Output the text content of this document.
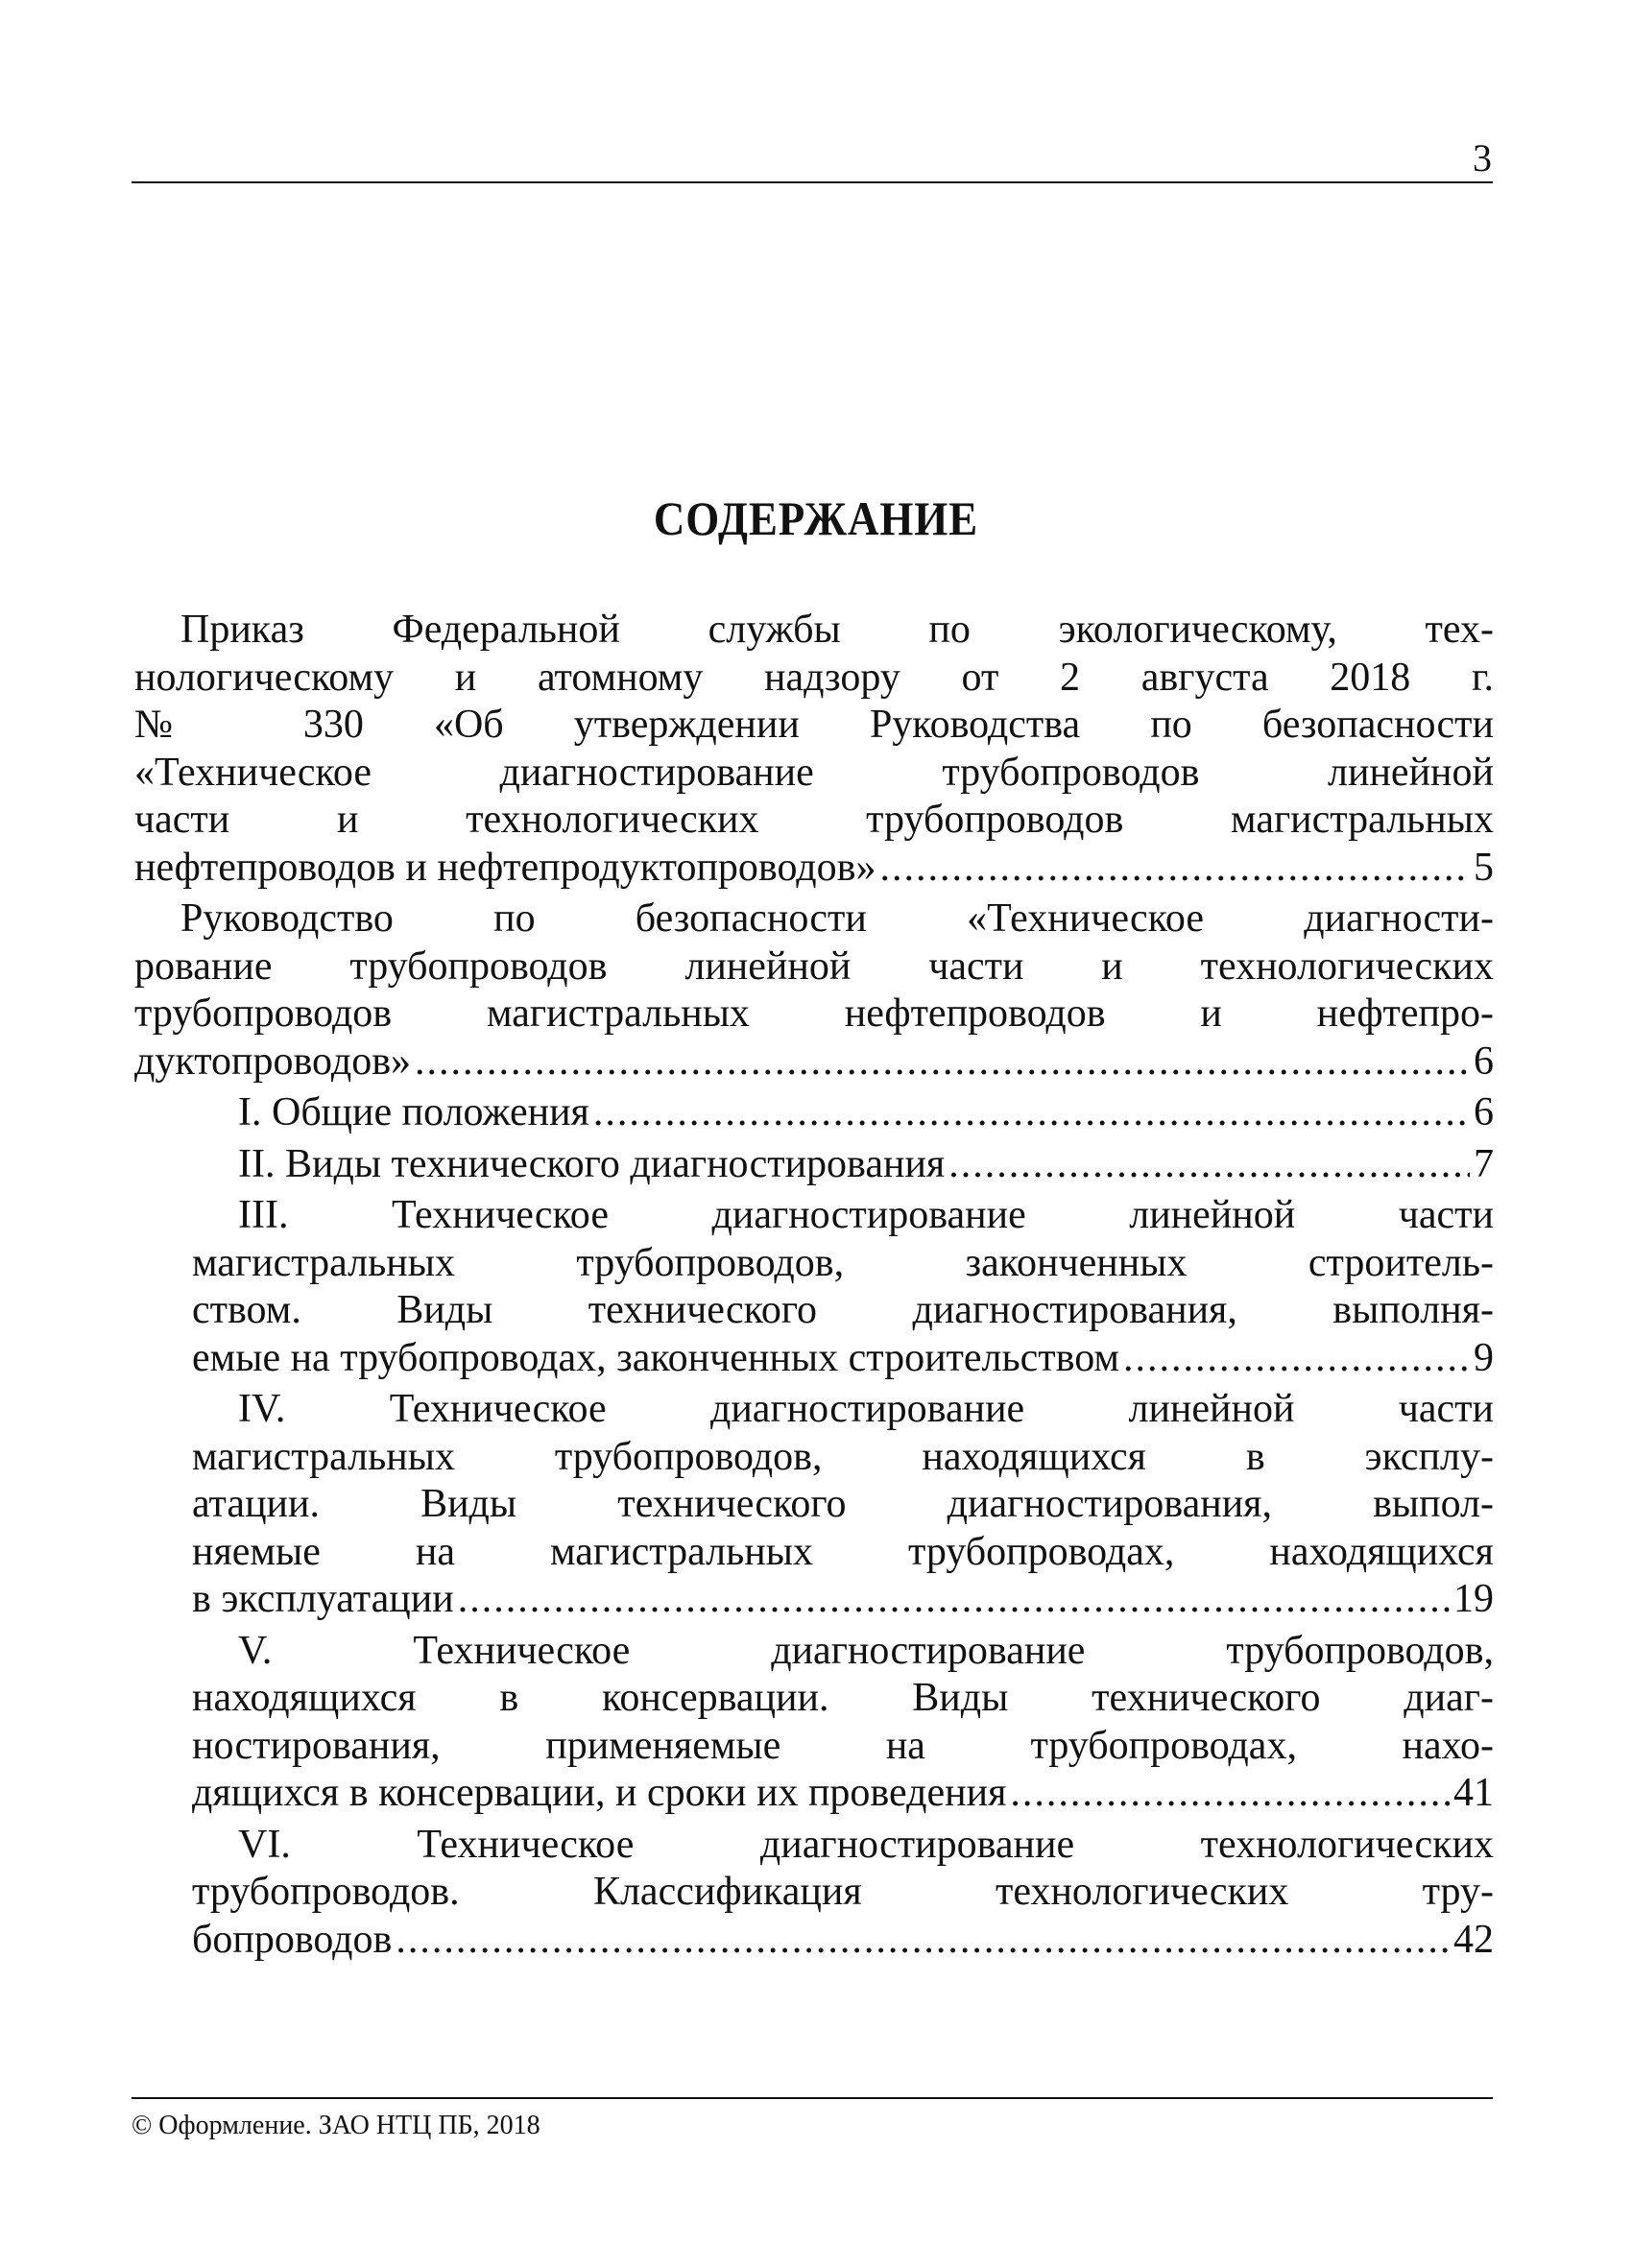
3
СОДЕРЖАНИЕ
Приказ Федеральной службы по экологическому, тех-
нологическому и атомному надзору от 2 августа 2018 г.
№ 330 «Об утверждении Руководства по безопасности
«Техническое диагностирование трубопроводов линейной
части и технологических трубопроводов магистральных
нефтепроводов и нефтепродуктопроводов» .....	5
Руководство по безопасности «Техническое диагности-
рование трубопроводов линейной части и технологических
трубопроводов магистральных нефтепроводов и нефтепро-
дуктопроводов» .....	6
I. Общие положения .....	6
II. Виды технического диагностирования .....	7
III. Техническое диагностирование линейной части
магистральных трубопроводов, законченных строитель-
ством. Виды технического диагностирования, выполня-
емые на трубопроводах, законченных строительством .....	9
IV. Техническое диагностирование линейной части
магистральных трубопроводов, находящихся в эксплу-
атации. Виды технического диагностирования, выпол-
няемые на магистральных трубопроводах, находящихся
в эксплуатации .....	19
V. Техническое диагностирование трубопроводов,
находящихся в консервации. Виды технического диаг-
ностирования, применяемые на трубопроводах, нахо-
дящихся в консервации, и сроки их проведения .....	41
VI. Техническое диагностирование технологических
трубопроводов. Классификация технологических тру-
бопроводов .....	42
© Оформление. ЗАО НТЦ ПБ, 2018
